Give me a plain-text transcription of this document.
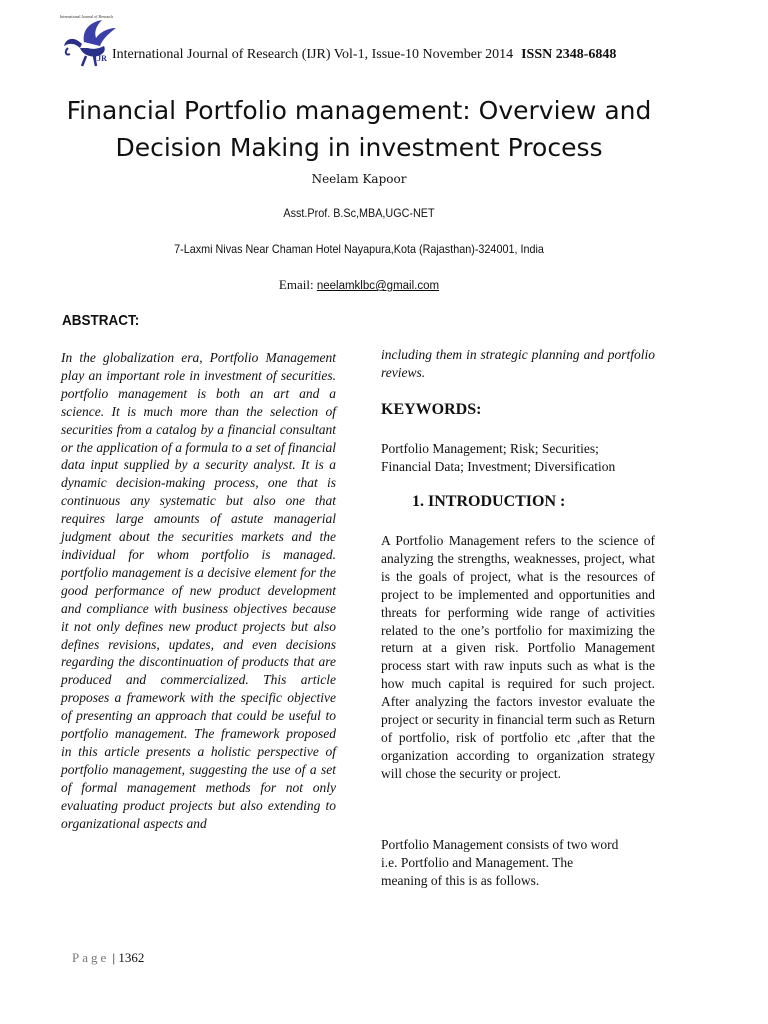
International Journal of Research
IJR International Journal of Research (IJR) Vol-1, Issue-10 November 2014 ISSN 2348-6848
Financial Portfolio management: Overview and
Decision Making in investment Process
Neelam Kapoor
Asst.Prof. B.Sc,MBA,UGC-NET
7-Laxmi Nivas Near Chaman Hotel Nayapura,Kota (Rajasthan)-324001, India
Email: neelamklbc@gmail.com
ABSTRACT:
In the globalization era, Portfolio Management play an important role in investment of securities. portfolio management is both an art and a science. It is much more than the selection of securities from a catalog by a financial consultant or the application of a formula to a set of financial data input supplied by a security analyst. It is a dynamic decision-making process, one that is continuous any systematic but also one that requires large amounts of astute managerial judgment about the securities markets and the individual for whom portfolio is managed. portfolio management is a decisive element for the good performance of new product development and compliance with business objectives because it not only defines new product projects but also defines revisions, updates, and even decisions regarding the discontinuation of products that are produced and commercialized. This article proposes a framework with the specific objective of presenting an approach that could be useful to portfolio management. The framework proposed in this article presents a holistic perspective of portfolio management, suggesting the use of a set of formal management methods for not only evaluating product projects but also extending to organizational aspects and
including them in strategic planning and portfolio reviews.
KEYWORDS:
Portfolio Management; Risk; Securities;
Financial Data; Investment; Diversification
1. INTRODUCTION :
A Portfolio Management refers to the science of analyzing the strengths, weaknesses, project, what is the goals of project, what is the resources of project to be implemented and opportunities and threats for performing wide range of activities related to the one’s portfolio for maximizing the return at a given risk. Portfolio Management process start with raw inputs such as what is the how much capital is required for such project. After analyzing the factors investor evaluate the project or security in financial term such as Return of portfolio, risk of portfolio etc ,after that the organization according to organization strategy will chose the security or project.
Portfolio Management consists of two word
i.e. Portfolio and Management. The
meaning of this is as follows.
Page | 1362
